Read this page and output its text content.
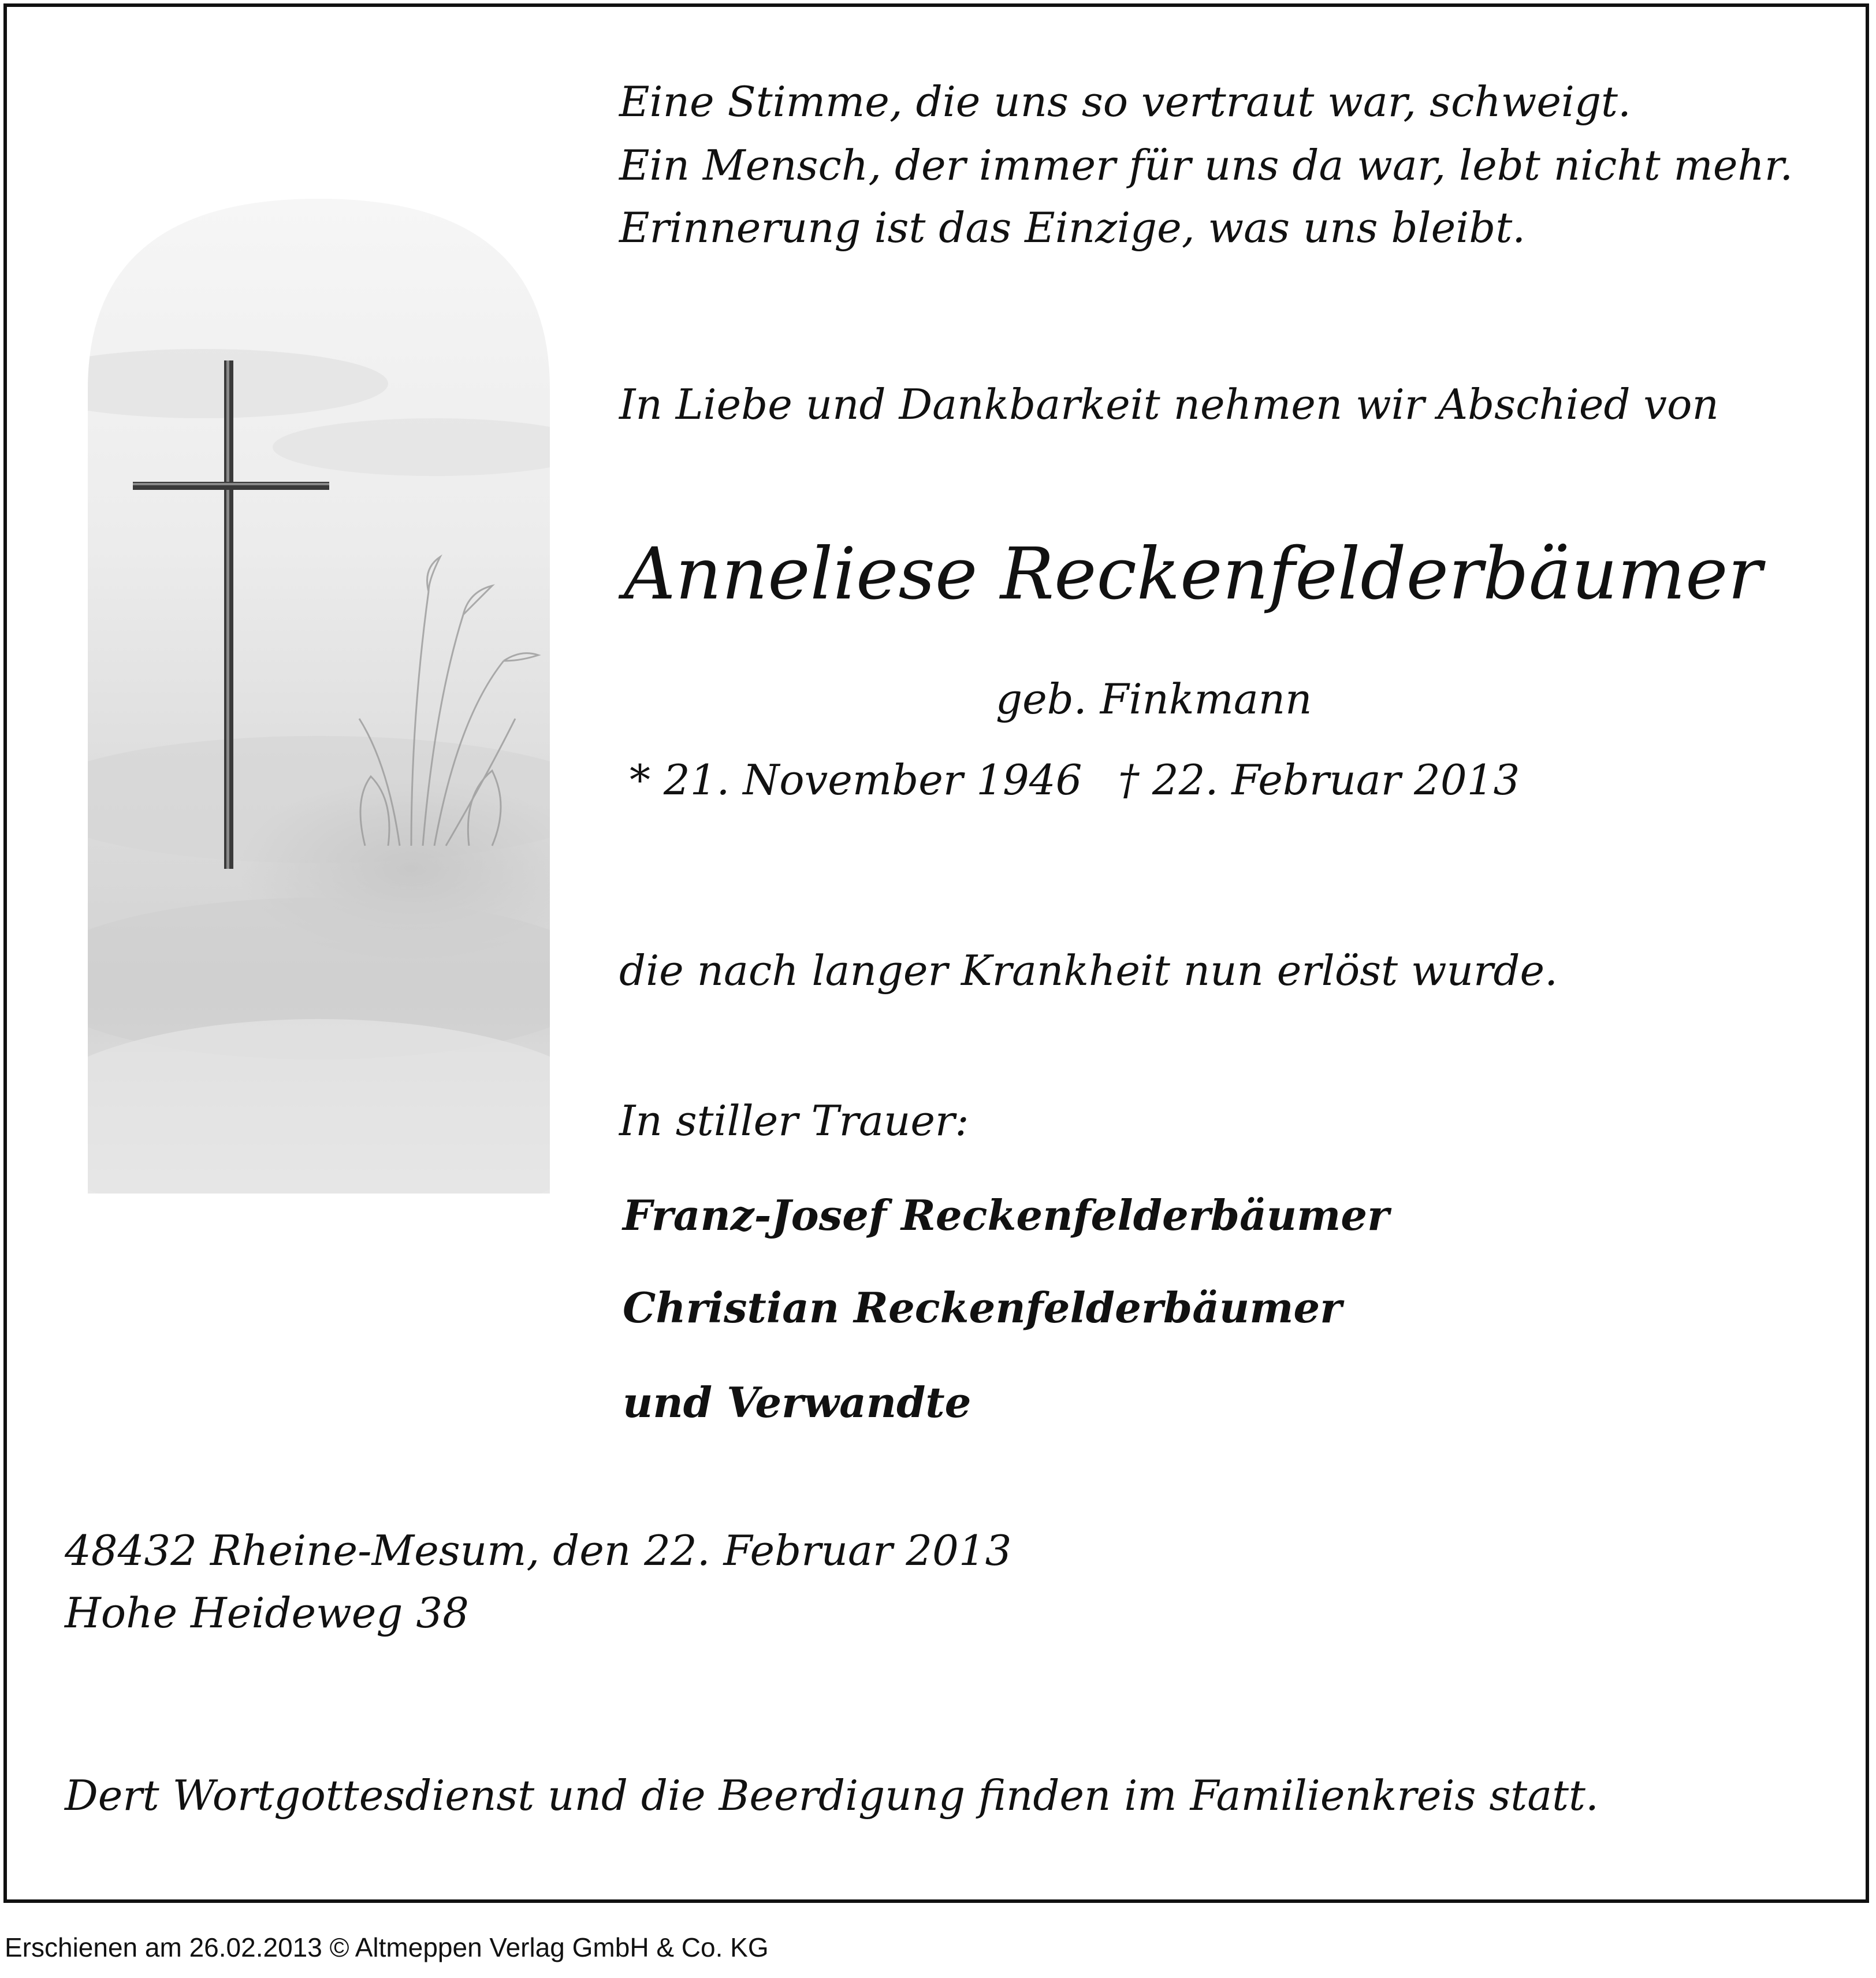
Eine Stimme, die uns so vertraut war, schweigt.
Ein Mensch, der immer für uns da war, lebt nicht mehr.
Erinnerung ist das Einzige, was uns bleibt.
In Liebe und Dankbarkeit nehmen wir Abschied von
Anneliese Reckenfelderbäumer
geb. Finkmann
* 21. November 1946 † 22. Februar 2013
die nach langer Krankheit nun erlöst wurde.
In stiller Trauer:
Franz-Josef Reckenfelderbäumer
Christian Reckenfelderbäumer
und Verwandte
48432 Rheine-Mesum, den 22. Februar 2013
Hohe Heideweg 38
Dert Wortgottesdienst und die Beerdigung finden im Familienkreis statt.
Erschienen am 26.02.2013 © Altmeppen Verlag GmbH & Co. KG
